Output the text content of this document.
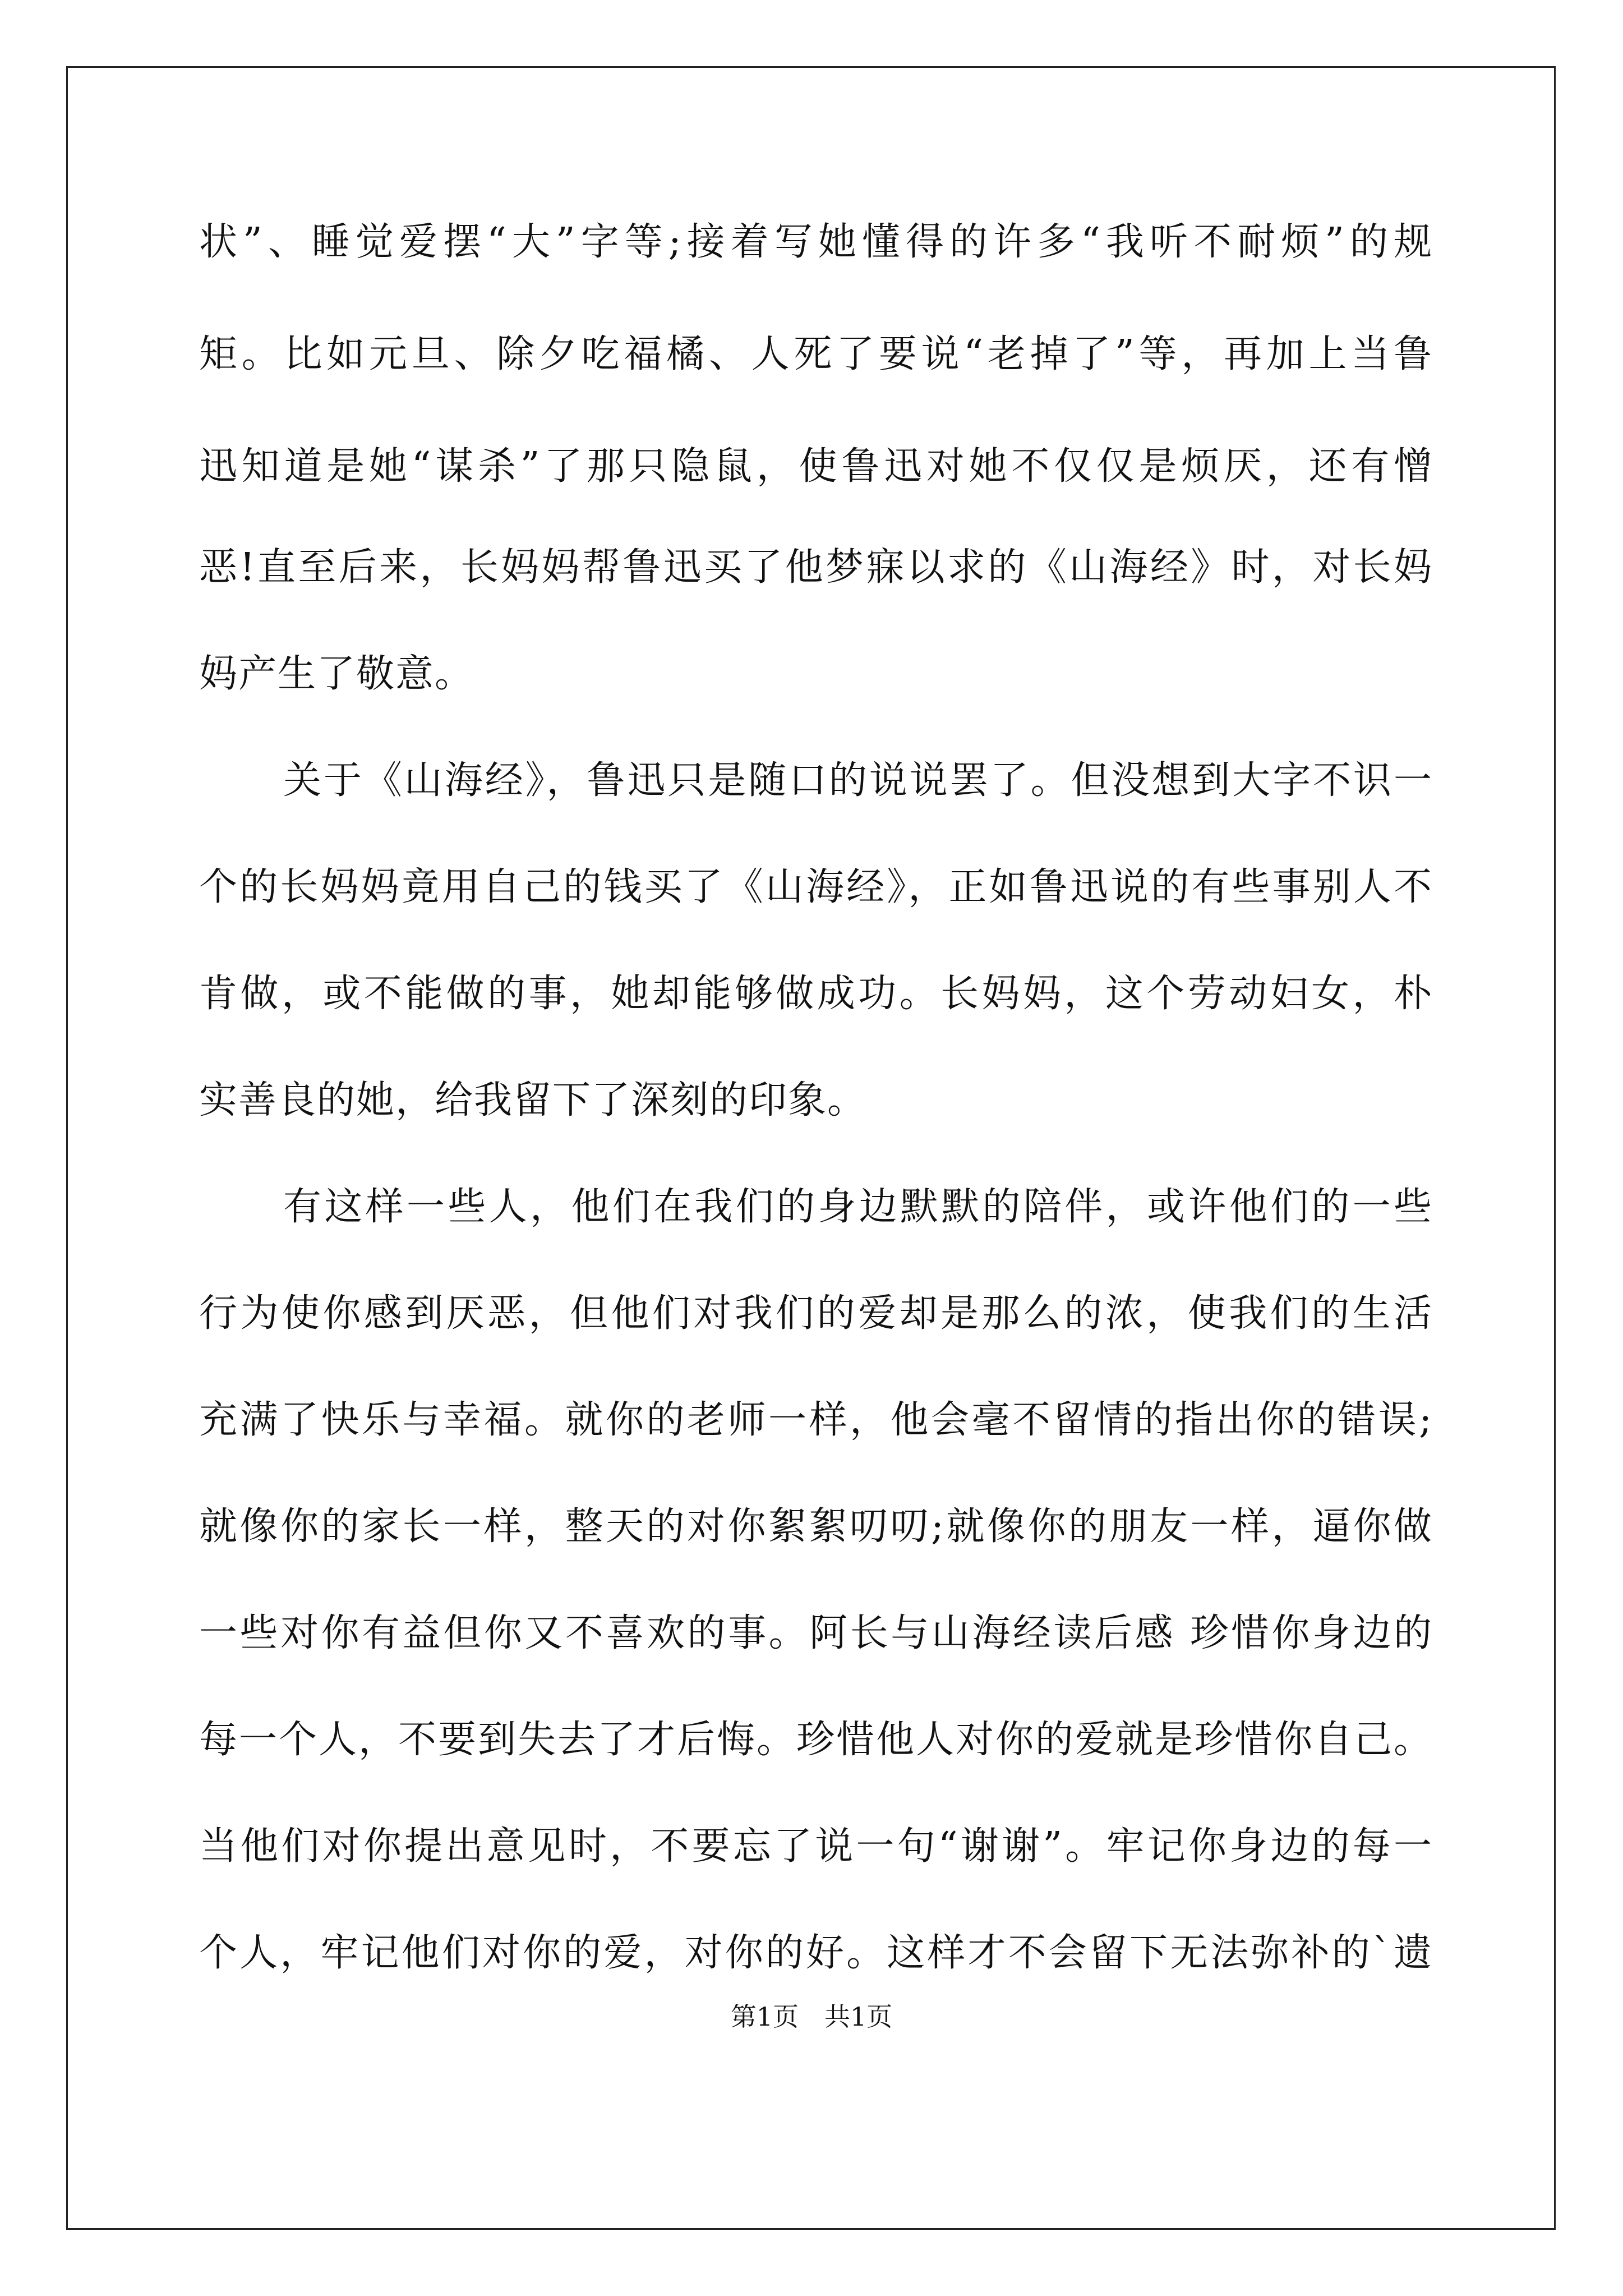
状”、睡觉爱摆“大”字等;接着写她懂得的许多“我听不耐烦”的规
矩。比如元旦、除夕吃福橘、人死了要说“老掉了”等，再加上当鲁
迅知道是她“谋杀”了那只隐鼠，使鲁迅对她不仅仅是烦厌，还有憎
恶!直至后来，长妈妈帮鲁迅买了他梦寐以求的《山海经》时，对长妈
妈产生了敬意。
关于《山海经》，鲁迅只是随口的说说罢了。但没想到大字不识一
个的长妈妈竟用自己的钱买了《山海经》，正如鲁迅说的有些事别人不
肯做，或不能做的事，她却能够做成功。长妈妈，这个劳动妇女，朴
实善良的她，给我留下了深刻的印象。
有这样一些人，他们在我们的身边默默的陪伴，或许他们的一些
行为使你感到厌恶，但他们对我们的爱却是那么的浓，使我们的生活
充满了快乐与幸福。就你的老师一样，他会毫不留情的指出你的错误;
就像你的家长一样，整天的对你絮絮叨叨;就像你的朋友一样，逼你做
一些对你有益但你又不喜欢的事。阿长与山海经读后感 珍惜你身边的
每一个人，不要到失去了才后悔。珍惜他人对你的爱就是珍惜你自己。
当他们对你提出意见时，不要忘了说一句“谢谢”。牢记你身边的每一
个人，牢记他们对你的爱，对你的好。这样才不会留下无法弥补的`遗
第1页　共1页
